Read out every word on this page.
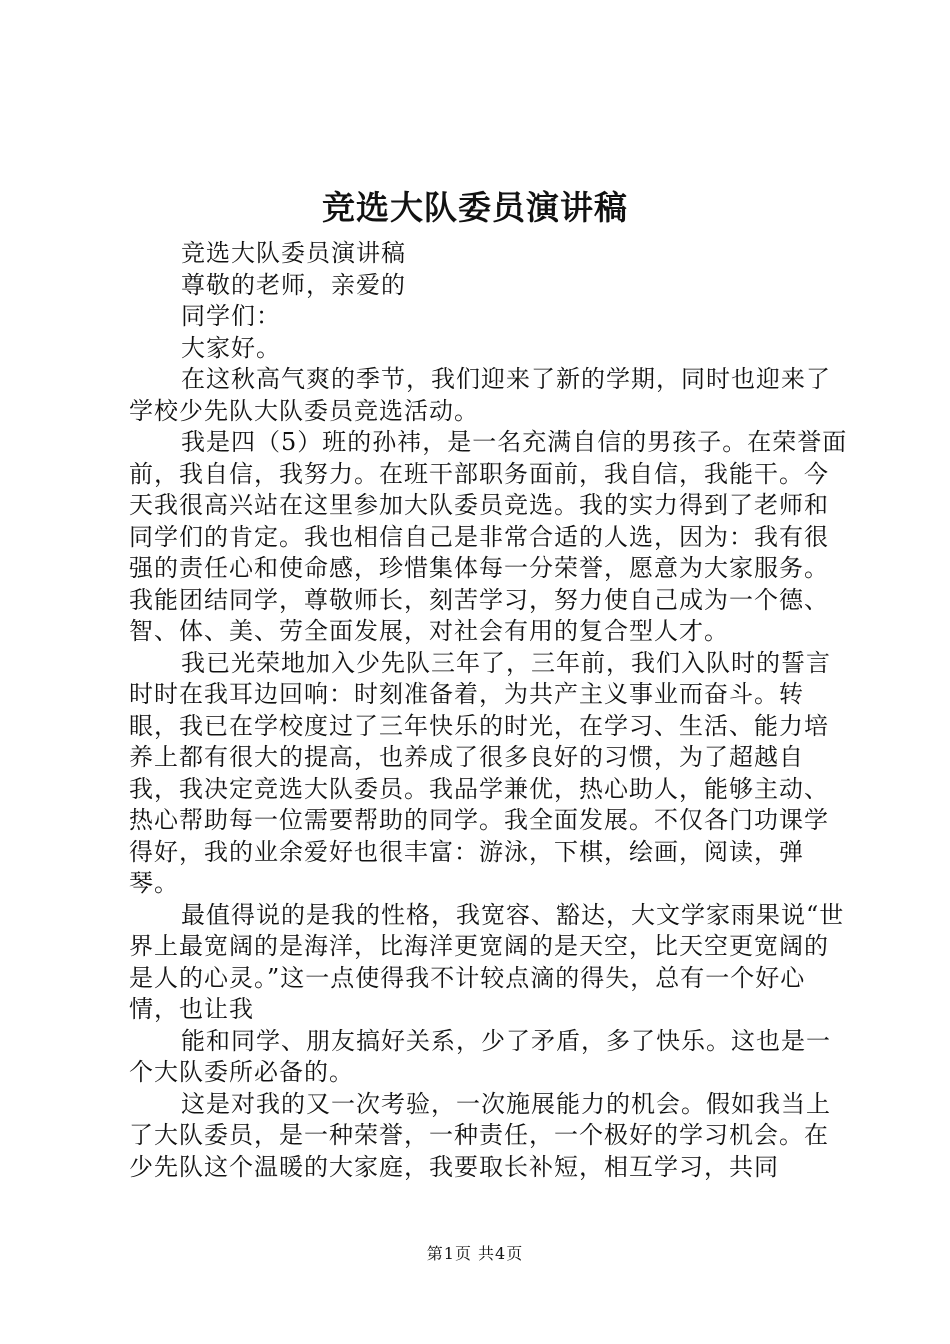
竞选大队委员演讲稿

竞选大队委员演讲稿

尊敬的老师，亲爱的

同学们：

大家好。

在这秋高气爽的季节，我们迎来了新的学期，同时也迎来了学校少先队大队委员竞选活动。

我是四（5）班的孙祎，是一名充满自信的男孩子。在荣誉面前，我自信，我努力。在班干部职务面前，我自信，我能干。今天我很高兴站在这里参加大队委员竞选。我的实力得到了老师和同学们的肯定。我也相信自己是非常合适的人选，因为：我有很强的责任心和使命感，珍惜集体每一分荣誉，愿意为大家服务。我能团结同学，尊敬师长，刻苦学习，努力使自己成为一个德、智、体、美、劳全面发展，对社会有用的复合型人才。

我已光荣地加入少先队三年了，三年前，我们入队时的誓言时时在我耳边回响：时刻准备着，为共产主义事业而奋斗。转眼，我已在学校度过了三年快乐的时光，在学习、生活、能力培养上都有很大的提高，也养成了很多良好的习惯，为了超越自我，我决定竞选大队委员。我品学兼优，热心助人，能够主动、热心帮助每一位需要帮助的同学。我全面发展。不仅各门功课学得好，我的业余爱好也很丰富：游泳，下棋，绘画，阅读，弹琴。

最值得说的是我的性格，我宽容、豁达，大文学家雨果说“世界上最宽阔的是海洋，比海洋更宽阔的是天空，比天空更宽阔的是人的心灵。”这一点使得我不计较点滴的得失，总有一个好心情，也让我

能和同学、朋友搞好关系，少了矛盾，多了快乐。这也是一个大队委所必备的。

这是对我的又一次考验，一次施展能力的机会。假如我当上了大队委员，是一种荣誉，一种责任，一个极好的学习机会。在少先队这个温暖的大家庭，我要取长补短，相互学习，共同

第1页 共4页
